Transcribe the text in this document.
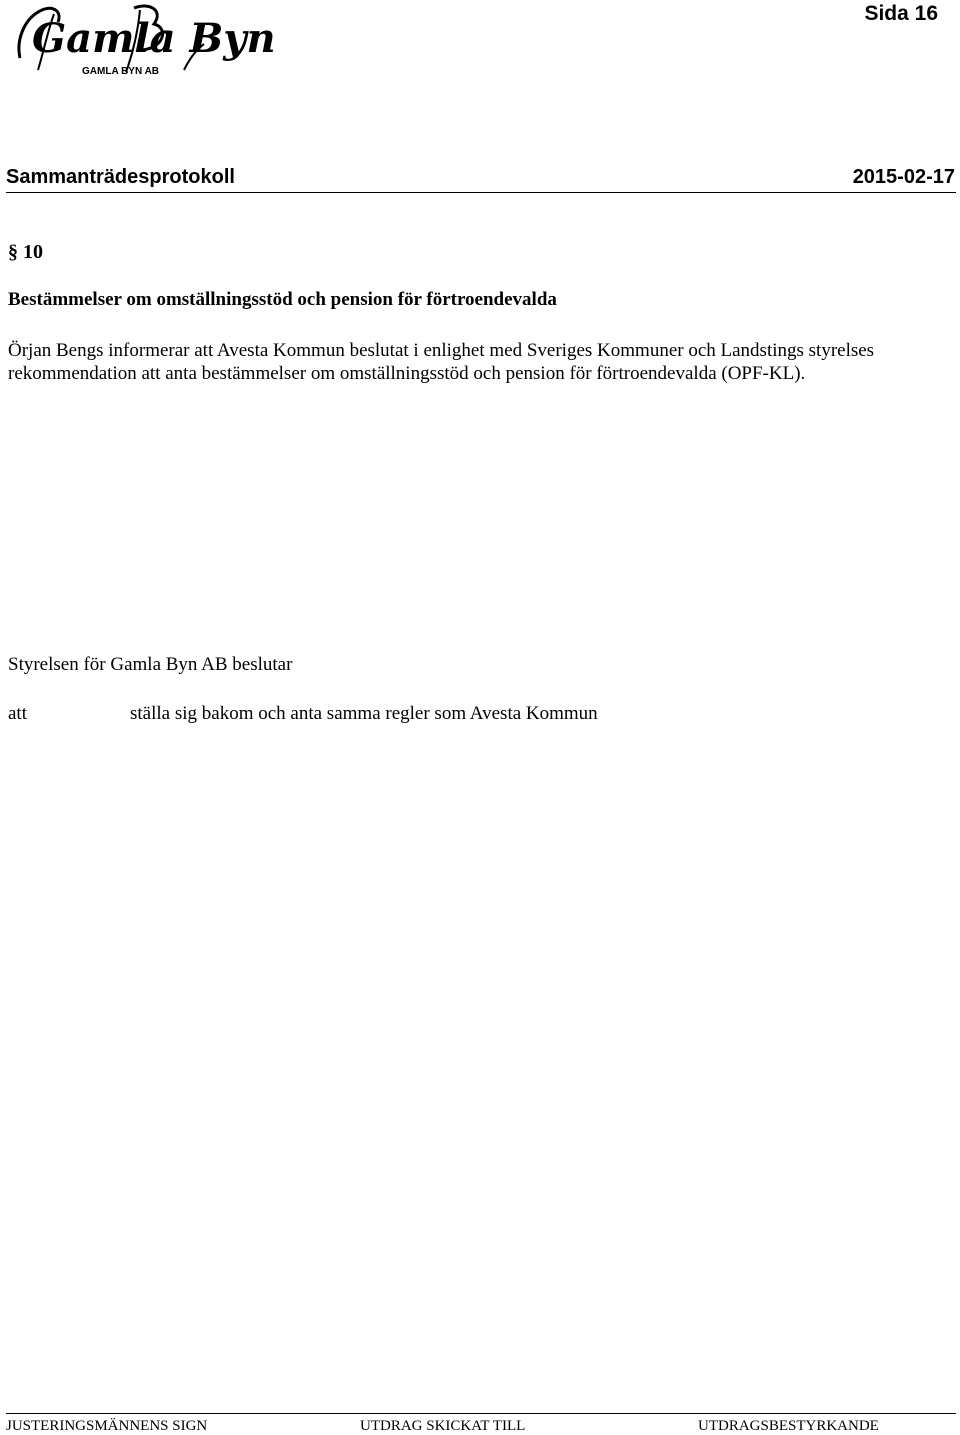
Gamla Byn
GAMLA BYN AB
Sida 16
Sammanträdesprotokoll	2015-02-17
§ 10
Bestämmelser om omställningsstöd och pension för förtroendevalda
Örjan Bengs informerar att Avesta Kommun beslutat i enlighet med Sveriges Kommuner och Landstings styrelses rekommendation att anta bestämmelser om omställningsstöd och pension för förtroendevalda (OPF-KL).
Styrelsen för Gamla Byn AB beslutar
att	ställa sig bakom och anta samma regler som Avesta Kommun
JUSTERINGSMÄNNENS SIGN	UTDRAG SKICKAT TILL	UTDRAGSBESTYRKANDE
